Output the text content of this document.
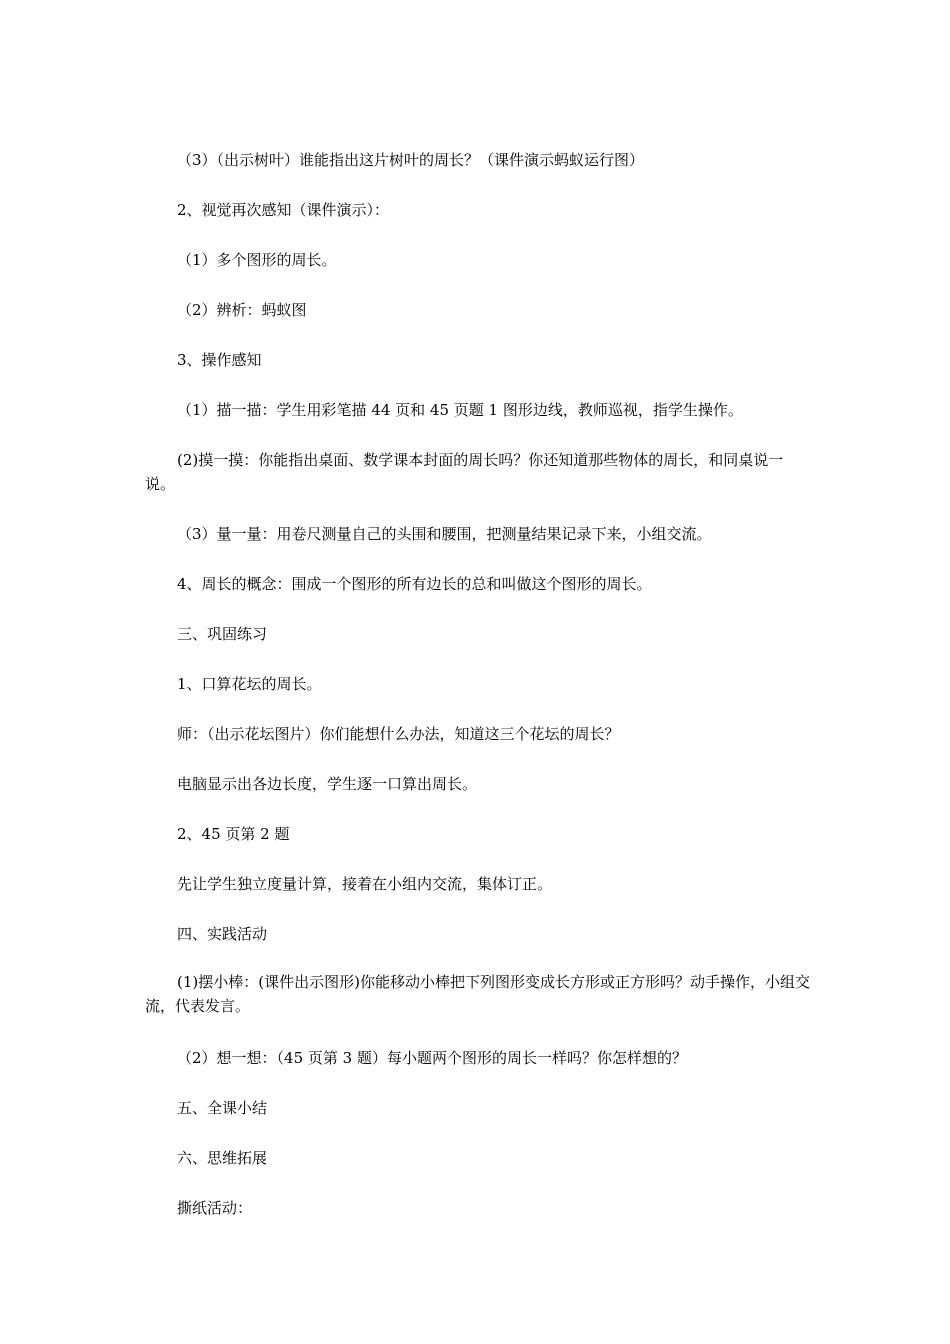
（3）（出示树叶）谁能指出这片树叶的周长？（课件演示蚂蚁运行图）

2、视觉再次感知（课件演示）：

（1）多个图形的周长。

（2）辨析：蚂蚁图

3、操作感知

（1）描一描：学生用彩笔描 44 页和 45 页题 1 图形边线，教师巡视，指学生操作。

(2)摸一摸：你能指出桌面、数学课本封面的周长吗？你还知道那些物体的周长，和同桌说一说。

（3）量一量：用卷尺测量自己的头围和腰围，把测量结果记录下来，小组交流。

4、周长的概念：围成一个图形的所有边长的总和叫做这个图形的周长。

三、巩固练习

1、口算花坛的周长。

师：（出示花坛图片）你们能想什么办法，知道这三个花坛的周长？

电脑显示出各边长度，学生逐一口算出周长。

2、45 页第 2 题

先让学生独立度量计算，接着在小组内交流，集体订正。

四、实践活动

(1)摆小棒：(课件出示图形)你能移动小棒把下列图形变成长方形或正方形吗？动手操作，小组交流，代表发言。

（2）想一想：（45 页第 3 题）每小题两个图形的周长一样吗？你怎样想的？

五、全课小结

六、思维拓展

撕纸活动：
